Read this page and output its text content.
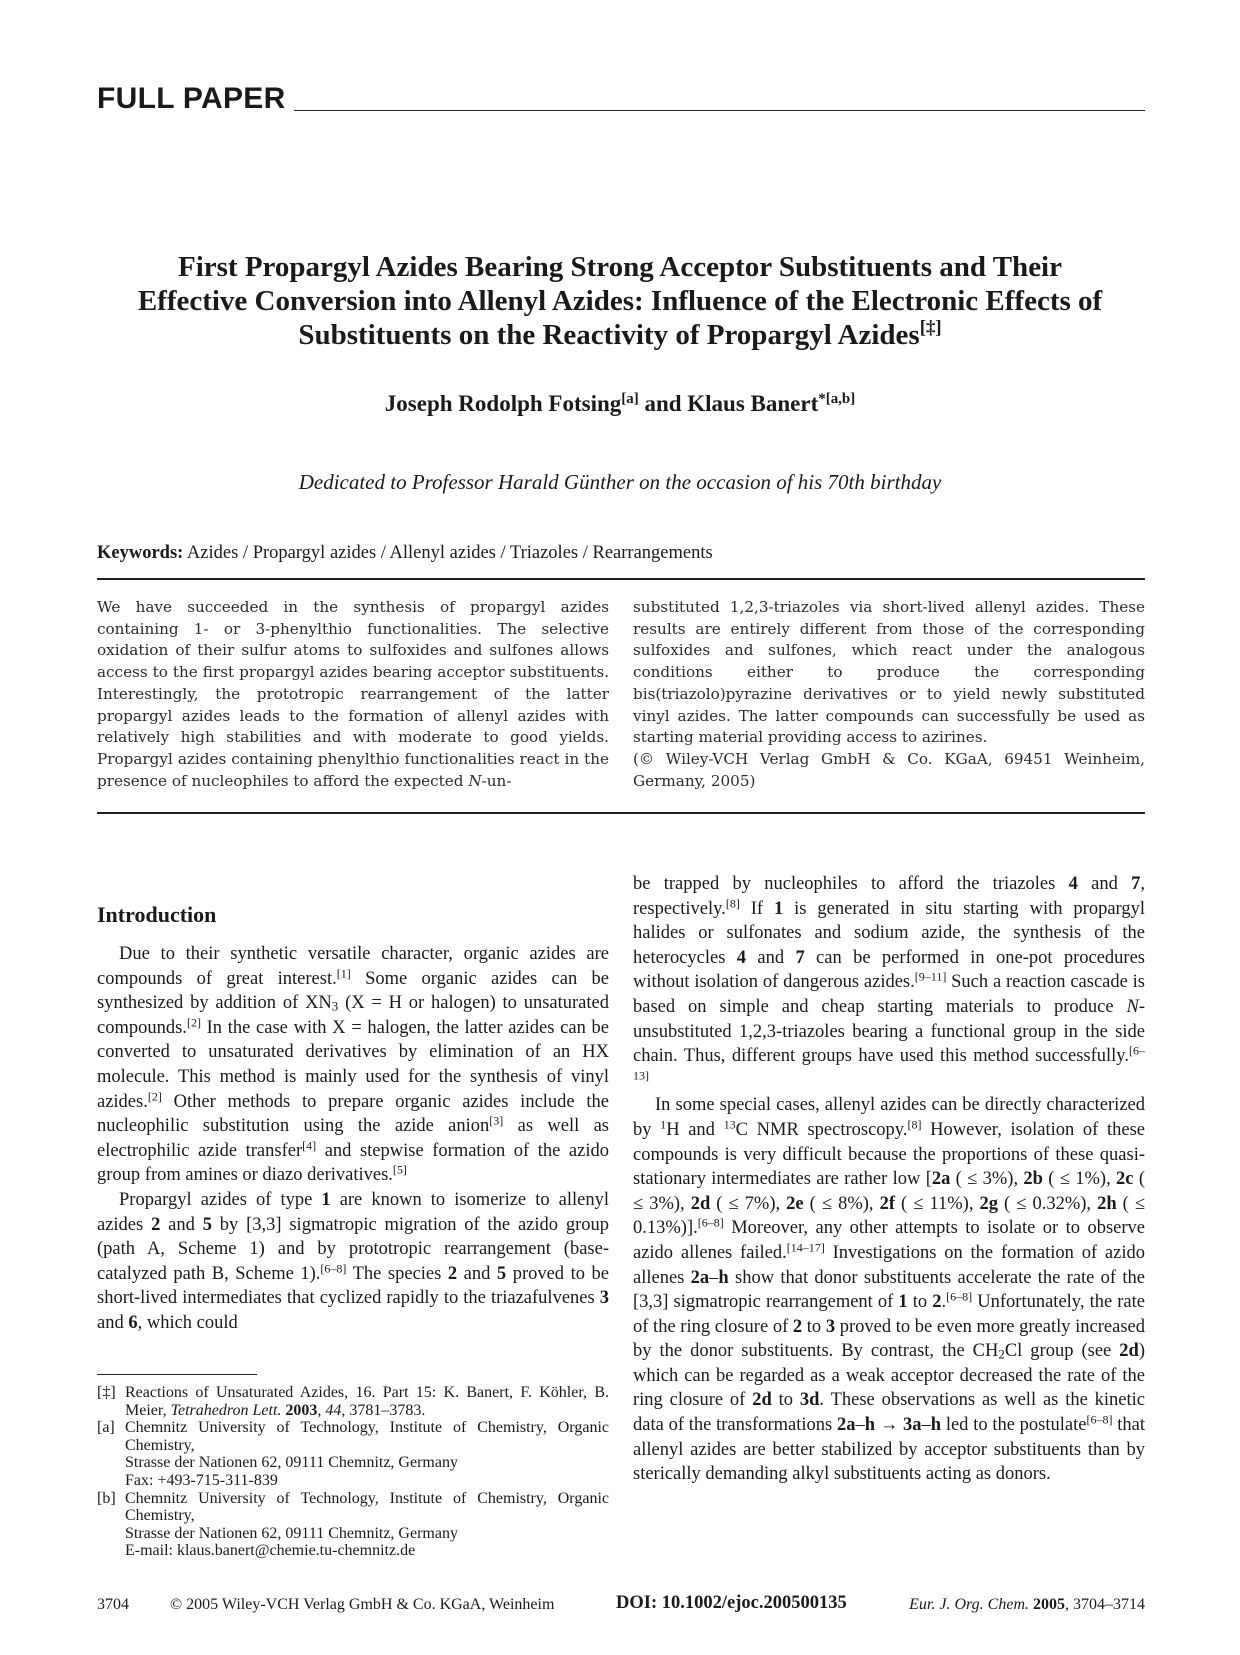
FULL PAPER
First Propargyl Azides Bearing Strong Acceptor Substituents and Their
Effective Conversion into Allenyl Azides: Influence of the Electronic Effects of
Substituents on the Reactivity of Propargyl Azides[‡]
Joseph Rodolph Fotsing[a] and Klaus Banert$^{*[a,b]}$
Dedicated to Professor Harald Günther on the occasion of his 70th birthday
Keywords: Azides / Propargyl azides / Allenyl azides / Triazoles / Rearrangements
We have succeeded in the synthesis of propargyl azides containing 1- or 3-phenylthio functionalities. The selective oxidation of their sulfur atoms to sulfoxides and sulfones allows access to the first propargyl azides bearing acceptor substituents. Interestingly, the prototropic rearrangement of the latter propargyl azides leads to the formation of allenyl azides with relatively high stabilities and with moderate to good yields. Propargyl azides containing phenylthio functionalities react in the presence of nucleophiles to afford the expected N-un-
substituted 1,2,3-triazoles via short-lived allenyl azides. These results are entirely different from those of the corresponding sulfoxides and sulfones, which react under the analogous conditions either to produce the corresponding bis(triazolo)pyrazine derivatives or to yield newly substituted vinyl azides. The latter compounds can successfully be used as starting material providing access to azirines.
(© Wiley-VCH Verlag GmbH & Co. KGaA, 69451 Weinheim, Germany, 2005)
Introduction

Due to their synthetic versatile character, organic azides are compounds of great interest.[1] Some organic azides can be synthesized by addition of $XN_3$ (X = H or halogen) to unsaturated compounds.[2] In the case with X = halogen, the latter azides can be converted to unsaturated derivatives by elimination of an HX molecule. This method is mainly used for the synthesis of vinyl azides.[2] Other methods to prepare organic azides include the nucleophilic substitution using the azide anion[3] as well as electrophilic azide transfer[4] and stepwise formation of the azido group from amines or diazo derivatives.[5]

Propargyl azides of type 1 are known to isomerize to allenyl azides 2 and 5 by [3,3] sigmatropic migration of the azido group (path A, Scheme 1) and by prototropic rearrangement (base-catalyzed path B, Scheme 1).[6–8] The species 2 and 5 proved to be short-lived intermediates that cyclized rapidly to the triazafulvenes 3 and 6, which could

be trapped by nucleophiles to afford the triazoles 4 and 7, respectively.[8] If 1 is generated in situ starting with propargyl halides or sulfonates and sodium azide, the synthesis of the heterocycles 4 and 7 can be performed in one-pot procedures without isolation of dangerous azides.[9–11] Such a reaction cascade is based on simple and cheap starting materials to produce N-unsubstituted 1,2,3-triazoles bearing a functional group in the side chain. Thus, different groups have used this method successfully.[6–13]

In some special cases, allenyl azides can be directly characterized by $^1$H and $^{13}$C NMR spectroscopy.[8] However, isolation of these compounds is very difficult because the proportions of these quasi-stationary intermediates are rather low [2a ( ≤ 3%), 2b ( ≤ 1%), 2c ( ≤ 3%), 2d ( ≤ 7%), 2e ( ≤ 8%), 2f ( ≤ 11%), 2g ( ≤ 0.32%), 2h ( ≤ 0.13%)].[6–8] Moreover, any other attempts to isolate or to observe azido allenes failed.[14–17] Investigations on the formation of azido allenes 2a–h show that donor substituents accelerate the rate of the [3,3] sigmatropic rearrangement of 1 to 2.[6–8] Unfortunately, the rate of the ring closure of 2 to 3 proved to be even more greatly increased by the donor substituents. By contrast, the $CH_2Cl$ group (see 2d) which can be regarded as a weak acceptor decreased the rate of the ring closure of 2d to 3d. These observations as well as the kinetic data of the transformations 2a–h → 3a–h led to the postulate[6–8] that allenyl azides are better stabilized by acceptor substituents than by sterically demanding alkyl substituents acting as donors.

[‡] Reactions of Unsaturated Azides, 16. Part 15: K. Banert, F. Köhler, B. Meier, Tetrahedron Lett. 2003, 44, 3781–3783.
[a] Chemnitz University of Technology, Institute of Chemistry, Organic Chemistry,
Strasse der Nationen 62, 09111 Chemnitz, Germany
Fax: +493-715-311-839
[b] Chemnitz University of Technology, Institute of Chemistry, Organic Chemistry,
Strasse der Nationen 62, 09111 Chemnitz, Germany
E-mail: klaus.banert@chemie.tu-chemnitz.de
3704	© 2005 Wiley-VCH Verlag GmbH & Co. KGaA, Weinheim	DOI: 10.1002/ejoc.200500135	Eur. J. Org. Chem. 2005, 3704–3714
